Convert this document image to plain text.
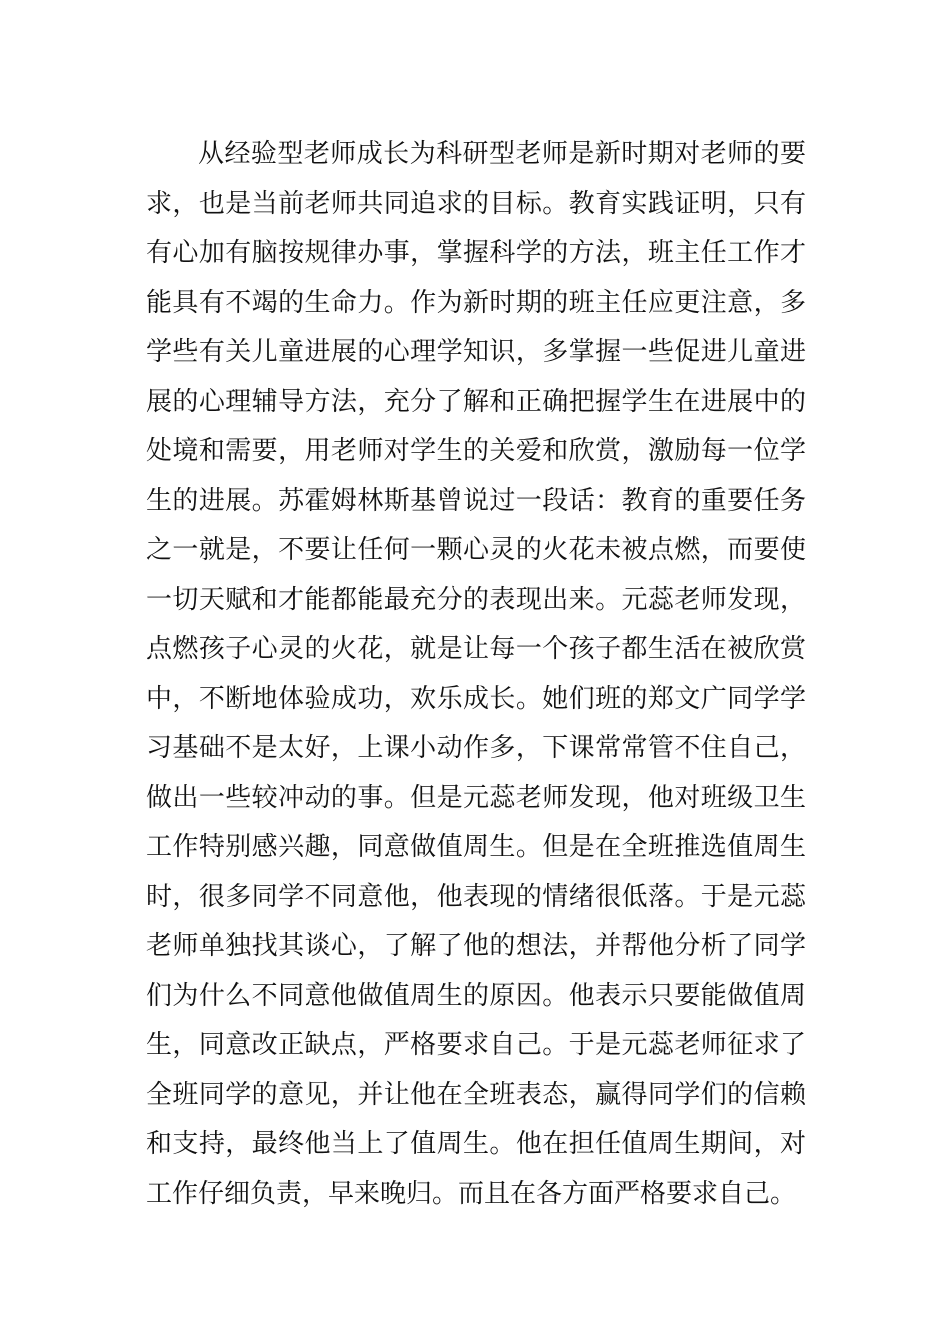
从经验型老师成长为科研型老师是新时期对老师的要
求，也是当前老师共同追求的目标。教育实践证明，只有
有心加有脑按规律办事，掌握科学的方法，班主任工作才
能具有不竭的生命力。作为新时期的班主任应更注意，多
学些有关儿童进展的心理学知识，多掌握一些促进儿童进
展的心理辅导方法，充分了解和正确把握学生在进展中的
处境和需要，用老师对学生的关爱和欣赏，激励每一位学
生的进展。苏霍姆林斯基曾说过一段话：教育的重要任务
之一就是，不要让任何一颗心灵的火花未被点燃，而要使
一切天赋和才能都能最充分的表现出来。元蕊老师发现，
点燃孩子心灵的火花，就是让每一个孩子都生活在被欣赏
中，不断地体验成功，欢乐成长。她们班的郑文广同学学
习基础不是太好，上课小动作多，下课常常管不住自己，
做出一些较冲动的事。但是元蕊老师发现，他对班级卫生
工作特别感兴趣，同意做值周生。但是在全班推选值周生
时，很多同学不同意他，他表现的情绪很低落。于是元蕊
老师单独找其谈心，了解了他的想法，并帮他分析了同学
们为什么不同意他做值周生的原因。他表示只要能做值周
生，同意改正缺点，严格要求自己。于是元蕊老师征求了
全班同学的意见，并让他在全班表态，赢得同学们的信赖
和支持，最终他当上了值周生。他在担任值周生期间，对
工作仔细负责，早来晚归。而且在各方面严格要求自己。
